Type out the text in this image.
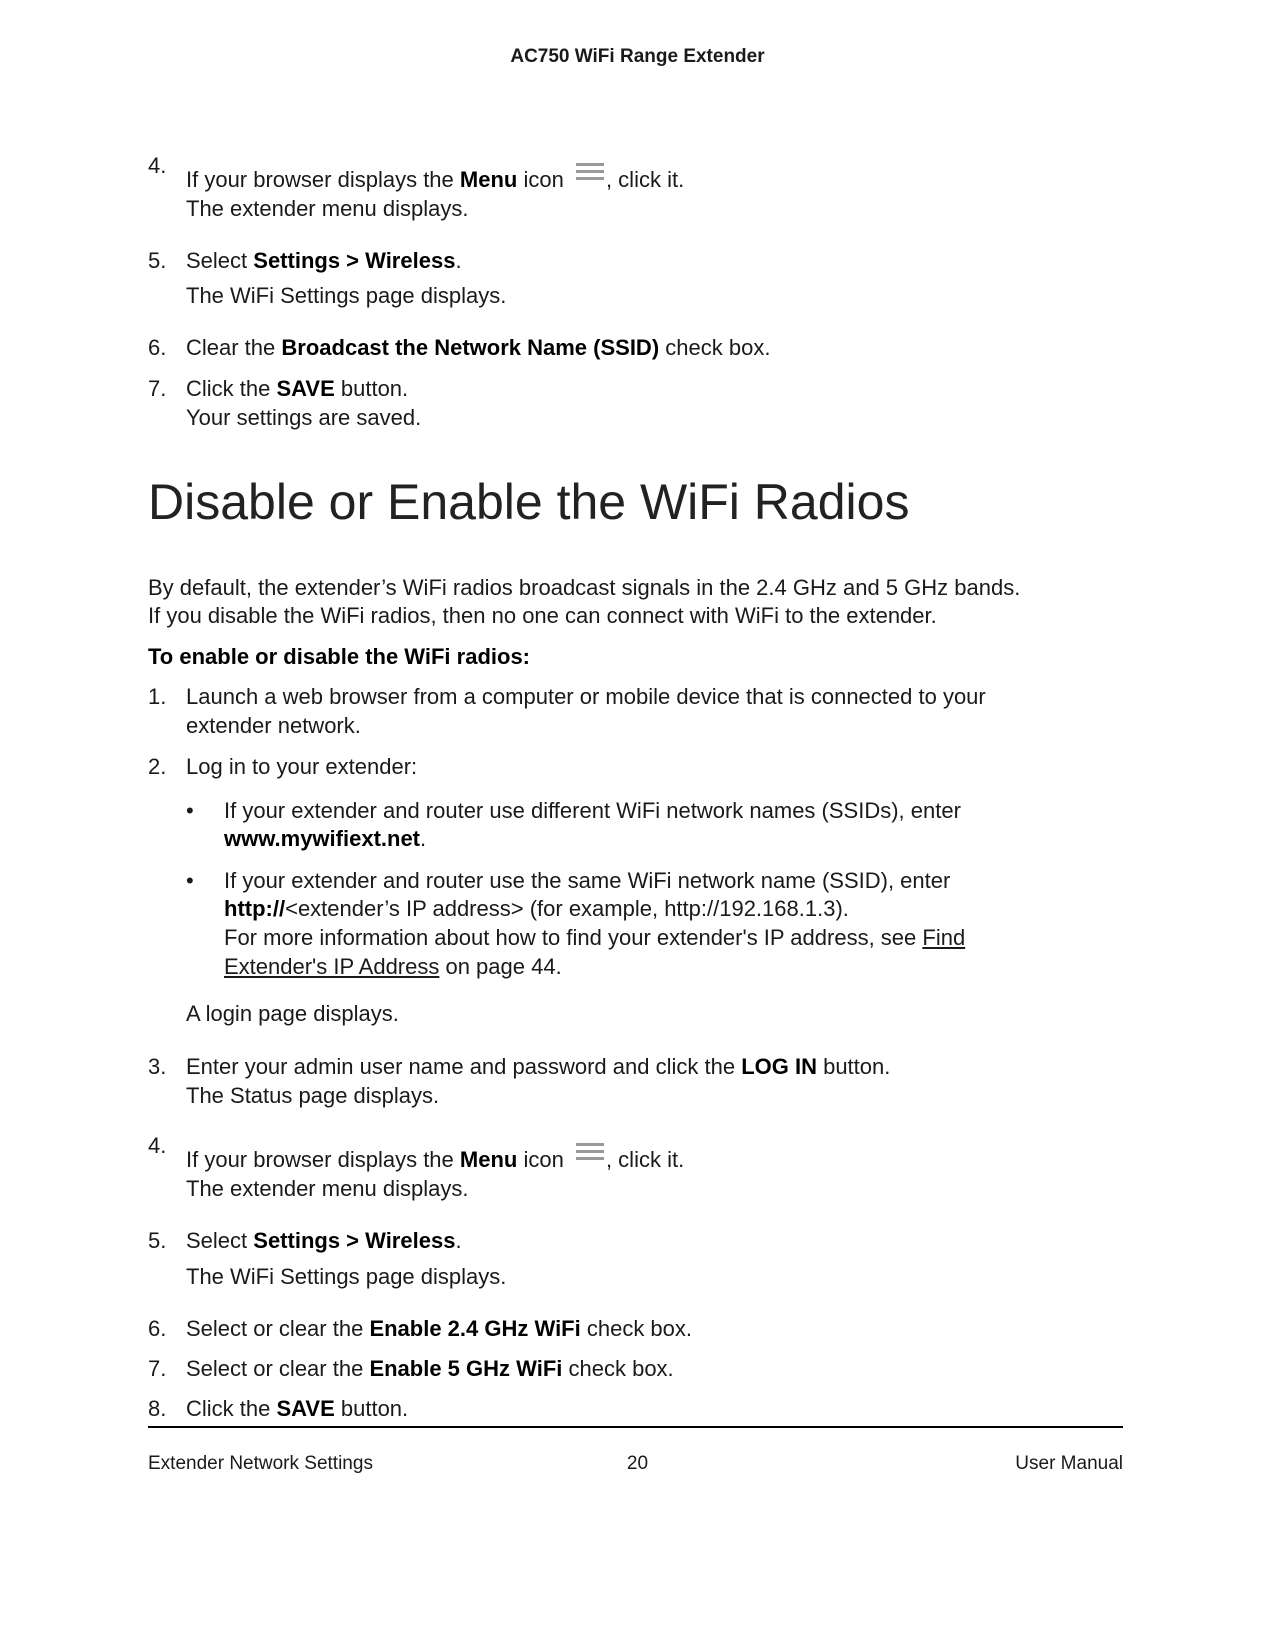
AC750 WiFi Range Extender
4.
If your browser displays the Menu icon
, click it.
The extender menu displays.
5. Select Settings > Wireless.
The WiFi Settings page displays.
6. Clear the Broadcast the Network Name (SSID) check box.
7. Click the SAVE button.
Your settings are saved.
Disable or Enable the WiFi Radios
By default, the extender’s WiFi radios broadcast signals in the 2.4 GHz and 5 GHz bands.
If you disable the WiFi radios, then no one can connect with WiFi to the extender.
To enable or disable the WiFi radios:
1. Launch a web browser from a computer or mobile device that is connected to your
extender network.
2. Log in to your extender:
• If your extender and router use different WiFi network names (SSIDs), enter
www.mywifiext.net.
• If your extender and router use the same WiFi network name (SSID), enter
http://<extender’s IP address> (for example, http://192.168.1.3).
For more information about how to find your extender's IP address, see Find
Extender's IP Address on page 44.
A login page displays.
3. Enter your admin user name and password and click the LOG IN button.
The Status page displays.
4.
If your browser displays the Menu icon
, click it.
The extender menu displays.
5. Select Settings > Wireless.
The WiFi Settings page displays.
6. Select or clear the Enable 2.4 GHz WiFi check box.
7. Select or clear the Enable 5 GHz WiFi check box.
8. Click the SAVE button.
Extender Network Settings	20	User Manual
